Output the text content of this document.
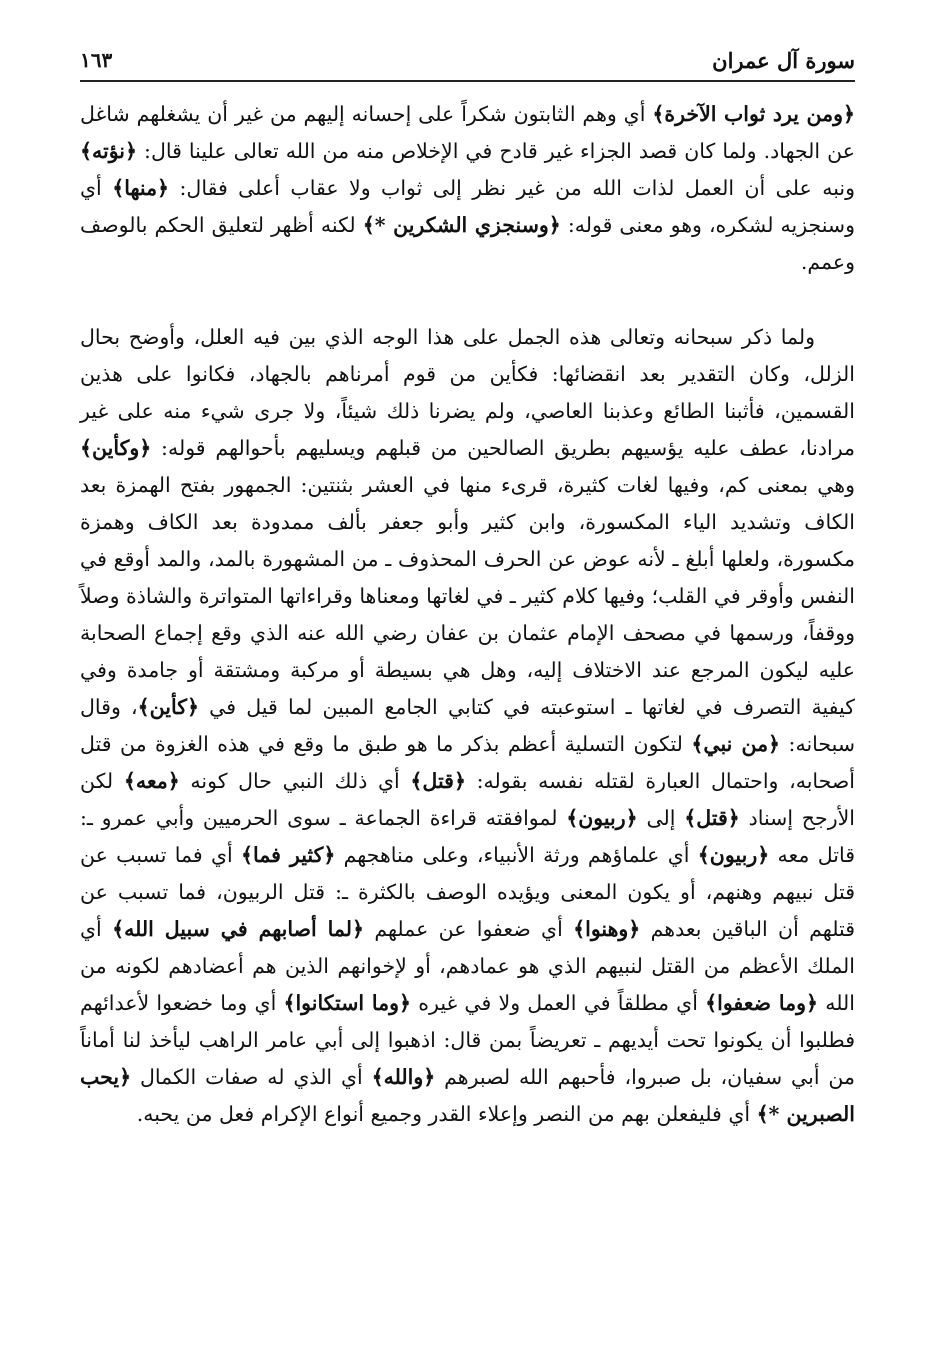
سورة آل عمران
١٦٣

﴿ومن يرد ثواب الآخرة﴾ أي وهم الثابتون شكراً على إحسانه إليهم من غير أن يشغلهم شاغل عن الجهاد. ولما كان قصد الجزاء غير قادح في الإخلاص منه من الله تعالى علينا قال: ﴿نؤته﴾ ونبه على أن العمل لذات الله من غير نظر إلى ثواب ولا عقاب أعلى فقال: ﴿منها﴾ أي وسنجزيه لشكره، وهو معنى قوله: ﴿وسنجزي الشكرين *﴾ لكنه أظهر لتعليق الحكم بالوصف وعمم.

ولما ذكر سبحانه وتعالى هذه الجمل على هذا الوجه الذي بين فيه العلل، وأوضح بحال الزلل، وكان التقدير بعد انقضائها: فكأين من قوم أمرناهم بالجهاد، فكانوا على هذين القسمين، فأثبنا الطائع وعذبنا العاصي، ولم يضرنا ذلك شيئاً، ولا جرى شيء منه على غير مرادنا، عطف عليه يؤسيهم بطريق الصالحين من قبلهم ويسليهم بأحوالهم قوله: ﴿وكأين﴾ وهي بمعنى كم، وفيها لغات كثيرة، قرىء منها في العشر بثنتين: الجمهور بفتح الهمزة بعد الكاف وتشديد الياء المكسورة، وابن كثير وأبو جعفر بألف ممدودة بعد الكاف وهمزة مكسورة، ولعلها أبلغ ـ لأنه عوض عن الحرف المحذوف ـ من المشهورة بالمد، والمد أوقع في النفس وأوقر في القلب؛ وفيها كلام كثير ـ في لغاتها ومعناها وقراءاتها المتواترة والشاذة وصلاً ووقفاً، ورسمها في مصحف الإمام عثمان بن عفان رضي الله عنه الذي وقع إجماع الصحابة عليه ليكون المرجع عند الاختلاف إليه، وهل هي بسيطة أو مركبة ومشتقة أو جامدة وفي كيفية التصرف في لغاتها ـ استوعبته في كتابي الجامع المبين لما قيل في ﴿كأين﴾، وقال سبحانه: ﴿من نبي﴾ لتكون التسلية أعظم بذكر ما هو طبق ما وقع في هذه الغزوة من قتل أصحابه، واحتمال العبارة لقتله نفسه بقوله: ﴿قتل﴾ أي ذلك النبي حال كونه ﴿معه﴾ لكن الأرجح إسناد ﴿قتل﴾ إلى ﴿ربيون﴾ لموافقته قراءة الجماعة ـ سوى الحرميين وأبي عمرو ـ: قاتل معه ﴿ربيون﴾ أي علماؤهم ورثة الأنبياء، وعلى مناهجهم ﴿كثير فما﴾ أي فما تسبب عن قتل نبيهم وهنهم، أو يكون المعنى ويؤيده الوصف بالكثرة ـ: قتل الربيون، فما تسبب عن قتلهم أن الباقين بعدهم ﴿وهنوا﴾ أي ضعفوا عن عملهم ﴿لما أصابهم في سبيل الله﴾ أي الملك الأعظم من القتل لنبيهم الذي هو عمادهم، أو لإخوانهم الذين هم أعضادهم لكونه من الله ﴿وما ضعفوا﴾ أي مطلقاً في العمل ولا في غيره ﴿وما استكانوا﴾ أي وما خضعوا لأعدائهم فطلبوا أن يكونوا تحت أيديهم ـ تعريضاً بمن قال: اذهبوا إلى أبي عامر الراهب ليأخذ لنا أماناً من أبي سفيان، بل صبروا، فأحبهم الله لصبرهم ﴿والله﴾ أي الذي له صفات الكمال ﴿يحب الصبرين *﴾ أي فليفعلن بهم من النصر وإعلاء القدر وجميع أنواع الإكرام فعل من يحبه.
